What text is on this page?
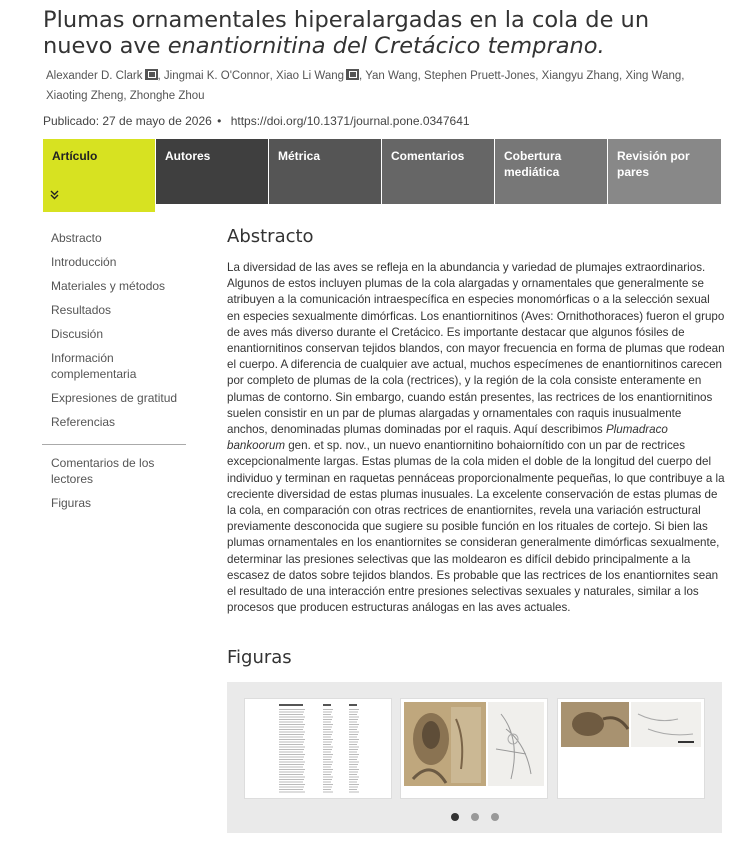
Plumas ornamentales hiperalargadas en la cola de un
nuevo ave enantiornitina del Cretácico temprano.
Alexander D. Clark , Jingmai K. O'Connor, Xiao Li Wang , Yan Wang, Stephen Pruett-Jones, Xiangyu Zhang, Xing Wang, Xiaoting Zheng, Zhonghe Zhou
Publicado: 27 de mayo de 2026 • https://doi.org/10.1371/journal.pone.0347641
Artículo	Autores	Métrica	Comentarios	Cobertura mediática
Revisión por pares
Abstracto
Introducción
Materiales y métodos
Resultados
Discusión
Información complementaria
Expresiones de gratitud
Referencias
Comentarios de los lectores
Figuras
Abstracto

La diversidad de las aves se refleja en la abundancia y variedad de plumajes extraordinarios. Algunos de estos incluyen plumas de la cola alargadas y ornamentales que generalmente se atribuyen a la comunicación intraespecífica en especies monomórficas o a la selección sexual en especies sexualmente dimórficas. Los enantiornitinos (Aves: Ornithothoraces) fueron el grupo de aves más diverso durante el Cretácico. Es importante destacar que algunos fósiles de enantiornitinos conservan tejidos blandos, con mayor frecuencia en forma de plumas que rodean el cuerpo. A diferencia de cualquier ave actual, muchos especímenes de enantiornitinos carecen por completo de plumas de la cola (rectrices), y la región de la cola consiste enteramente en plumas de contorno. Sin embargo, cuando están presentes, las rectrices de los enantiornitinos suelen consistir en un par de plumas alargadas y ornamentales con raquis inusualmente anchos, denominadas plumas dominadas por el raquis. Aquí describimos Plumadraco bankoorum gen. et sp. nov., un nuevo enantiornitino bohaiornítido con un par de rectrices excepcionalmente largas. Estas plumas de la cola miden el doble de la longitud del cuerpo del individuo y terminan en raquetas pennáceas proporcionalmente pequeñas, lo que contribuye a la creciente diversidad de estas plumas inusuales. La excelente conservación de estas plumas de la cola, en comparación con otras rectrices de enantiornites, revela una variación estructural previamente desconocida que sugiere su posible función en los rituales de cortejo. Si bien las plumas ornamentales en los enantiornites se consideran generalmente dimórficas sexualmente, determinar las presiones selectivas que las moldearon es difícil debido principalmente a la escasez de datos sobre tejidos blandos. Es probable que las rectrices de los enantiornites sean el resultado de una interacción entre presiones selectivas sexuales y naturales, similar a los procesos que producen estructuras análogas en las aves actuales.

Figuras
